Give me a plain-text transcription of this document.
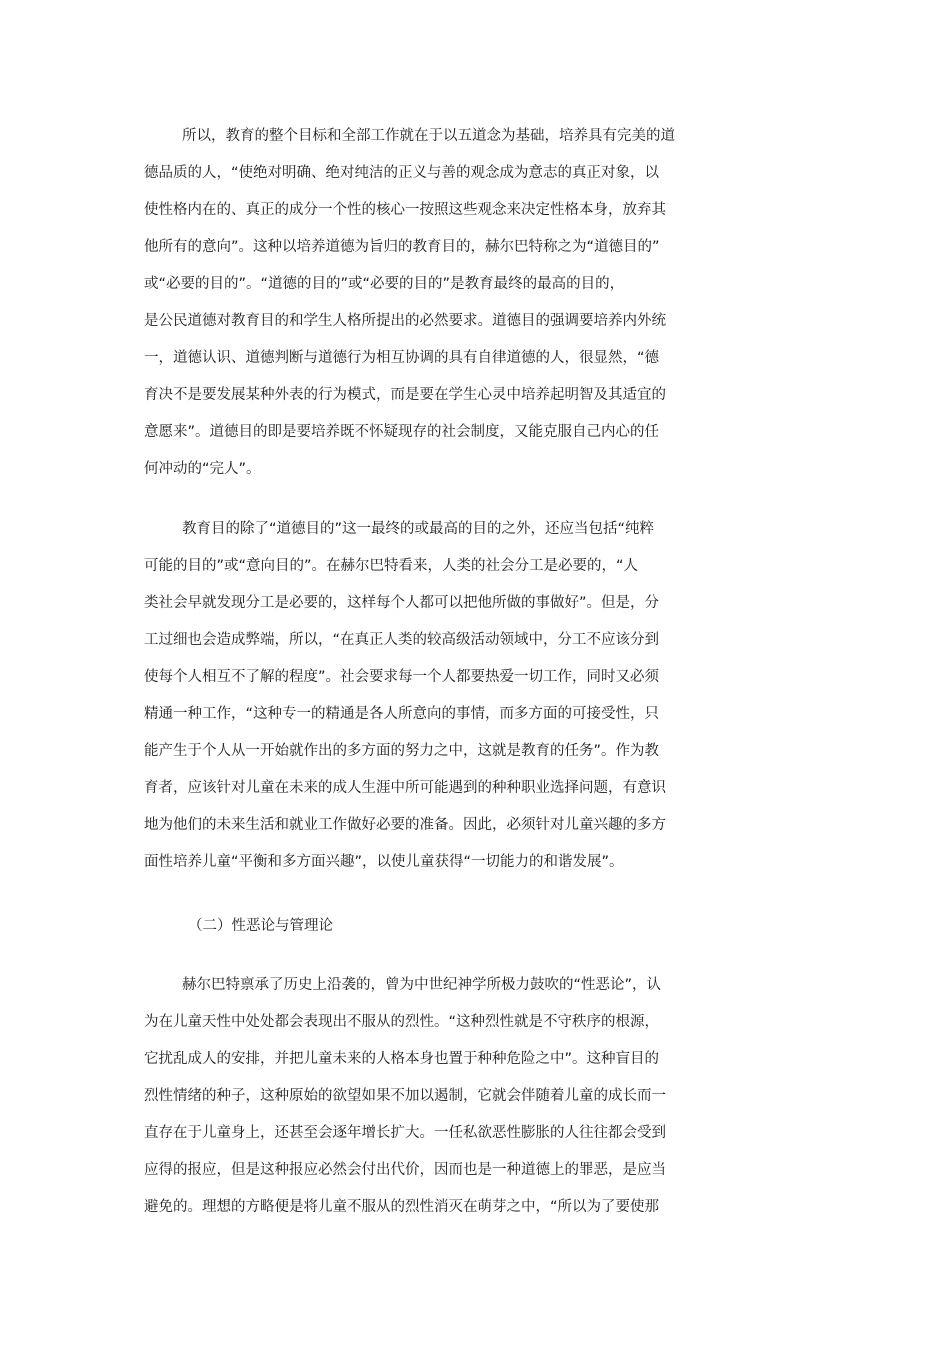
所以，教育的整个目标和全部工作就在于以五道念为基础，培养具有完美的道
德品质的人，“使绝对明确、绝对纯洁的正义与善的观念成为意志的真正对象，以
使性格内在的、真正的成分一个性的核心一按照这些观念来决定性格本身，放弃其
他所有的意向”。这种以培养道德为旨归的教育目的，赫尔巴特称之为“道德目的”
或“必要的目的”。“道德的目的”或“必要的目的”是教育最终的最高的目的，
是公民道德对教育目的和学生人格所提出的必然要求。道德目的强调要培养内外统
一，道德认识、道德判断与道德行为相互协调的具有自律道德的人，很显然，“德
育决不是要发展某种外表的行为模式，而是要在学生心灵中培养起明智及其适宜的
意愿来”。道德目的即是要培养既不怀疑现存的社会制度，又能克服自己内心的任
何冲动的“完人”。
教育目的除了“道德目的”这一最终的或最高的目的之外，还应当包括“纯粹
可能的目的”或“意向目的”。在赫尔巴特看来，人类的社会分工是必要的，“人
类社会早就发现分工是必要的，这样每个人都可以把他所做的事做好”。但是，分
工过细也会造成弊端，所以，“在真正人类的较高级活动领域中，分工不应该分到
使每个人相互不了解的程度”。社会要求每一个人都要热爱一切工作，同时又必须
精通一种工作，“这种专一的精通是各人所意向的事情，而多方面的可接受性，只
能产生于个人从一开始就作出的多方面的努力之中，这就是教育的任务”。作为教
育者，应该针对儿童在未来的成人生涯中所可能遇到的种种职业选择问题，有意识
地为他们的未来生活和就业工作做好必要的准备。因此，必须针对儿童兴趣的多方
面性培养儿童“平衡和多方面兴趣”，以使儿童获得“一切能力的和谐发展”。
（二）性恶论与管理论
赫尔巴特禀承了历史上沿袭的，曾为中世纪神学所极力鼓吹的“性恶论”，认
为在儿童天性中处处都会表现出不服从的烈性。“这种烈性就是不守秩序的根源，
它扰乱成人的安排，并把儿童未来的人格本身也置于种种危险之中”。这种盲目的
烈性情绪的种子，这种原始的欲望如果不加以遏制，它就会伴随着儿童的成长而一
直存在于儿童身上，还甚至会逐年增长扩大。一任私欲恶性膨胀的人往往都会受到
应得的报应，但是这种报应必然会付出代价，因而也是一种道德上的罪恶，是应当
避免的。理想的方略便是将儿童不服从的烈性消灭在萌芽之中，“所以为了要使那
